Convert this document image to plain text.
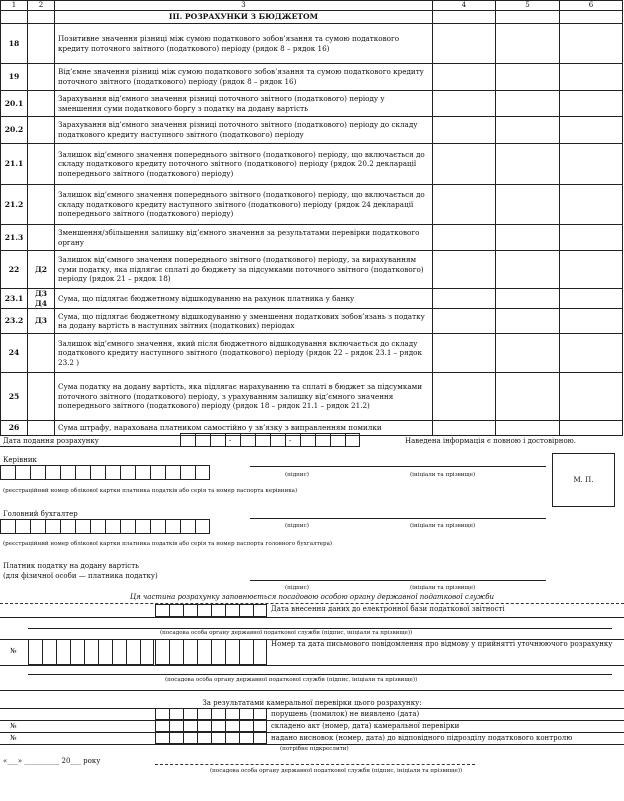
1	2	3	4	5	6
		III. РОЗРАХУНКИ З БЮДЖЕТОМ			
18		Позитивне значення різниці між сумою податкового зобов’язання та сумою податкового кредиту поточного звітного (податкового) періоду (рядок 8 – рядок 16)			
19		Від’ємне значення різниці між сумою податкового зобов’язання та сумою податкового кредиту поточного звітного (податкового) періоду (рядок 8 – рядок 16)			
20.1		Зарахування від’ємного значення різниці поточного звітного (податкового) періоду у зменшення суми податкового боргу з податку на додану вартість			
20.2		Зарахування від’ємного значення різниці поточного звітного (податкового) періоду до складу податкового кредиту наступного звітного (податкового) періоду			
21.1		Залишок від’ємного значення попереднього звітного (податкового) періоду, що включається до складу податкового кредиту поточного звітного (податкового) періоду (рядок 20.2 декларації попереднього звітного (податкового) періоду)			
21.2		Залишок від’ємного значення попереднього звітного (податкового) періоду, що включається до складу податкового кредиту наступного звітного (податкового) періоду (рядок 24 декларації попереднього звітного (податкового) періоду)			
21.3		Зменшення/збільшення залишку від’ємного значення за результатами перевірки податкового органу			
22	Д2	Залишок від’ємного значення попереднього звітного (податкового) періоду, за вирахуванням суми податку, яка підлягає сплаті до бюджету за підсумками поточного звітного (податкового) періоду (рядок 21 – рядок 18)			
23.1	Д3 Д4	Сума, що підлягає бюджетному відшкодуванню на рахунок платника у банку			
23.2	Д3	Сума, що підлягає бюджетному відшкодуванню у зменшення податкових зобов’язань з податку на додану вартість в наступних звітних (податкових) періодах			
24		Залишок від’ємного значення, який після бюджетного відшкодування включається до складу податкового кредиту наступного звітного (податкового) періоду (рядок 22 – рядок 23.1 – рядок 23.2 )			
25		Сума податку на додану вартість, яка підлягає нарахуванню та сплаті в бюджет за підсумками поточного звітного (податкового) періоду, з урахуванням залишку від’ємного значення попереднього звітного (податкового) періоду (рядок 18 – рядок 21.1 – рядок 21.2)			
26		Сума штрафу, нарахована платником самостійно у зв’язку з виправленням помилки			
Дата подання розрахунку	-	-	Наведена інформація є повною і достовірною.
Керівник
(підпис)	(ініціали та прізвище)
(реєстраційний номер облікової картки платника податків або серія та номер паспорта керівника)
М. П.
Головний бухгалтер
(підпис)	(ініціали та прізвище)
(реєстраційний номер облікової картки платника податків або серія та номер паспорта головного бухгалтера)
Платник податку на додану вартість
(для фізичної особи — платника податку)
(підпис)	(ініціали та прізвище)
Ця частина розрахунку заповнюється посадовою особою органу державної податкової служби
Дата внесення даних до електронної бази податкової звітності
(посадова особа органу державної податкової служби (підпис, ініціали та прізвище))
№
Номер та дата письмового повідомлення про відмову у прийнятті уточнюючого розрахунку
(посадова особа органу державної податкової служби (підпис, ініціали та прізвище))
За результатами камеральної перевірки цього розрахунку:
порушень (помилок) не виявлено (дата)
№	складено акт (номер, дата) камеральної перевірки
№	надано висновок (номер, дата) до відповідного підрозділу податкового контролю
(потрібне підкреслити)
«___» __________ 20___ року
(посадова особа органу державної податкової служби (підпис, ініціали та прізвище))
